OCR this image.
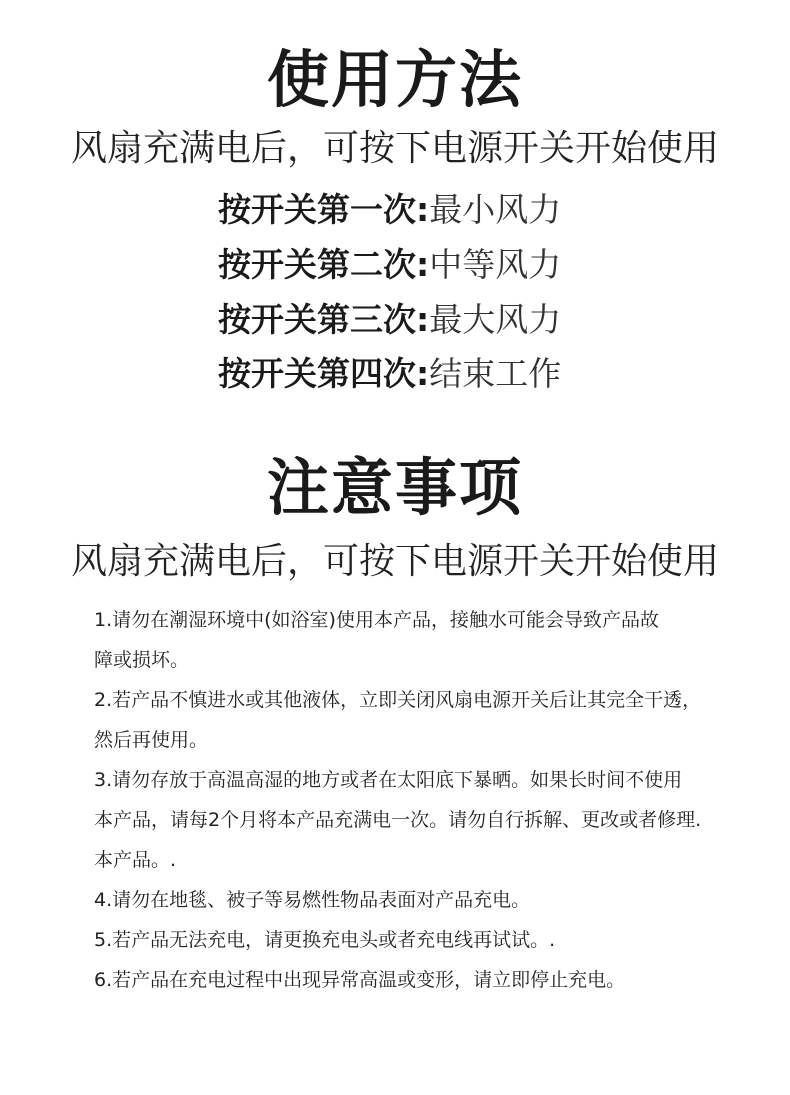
使用方法
风扇充满电后，可按下电源开关开始使用
按开关第一次:最小风力
按开关第二次:中等风力
按开关第三次:最大风力
按开关第四次:结束工作
注意事项
风扇充满电后，可按下电源开关开始使用
1.请勿在潮湿环境中(如浴室)使用本产品，接触水可能会导致产品故
障或损坏。
2.若产品不慎进水或其他液体，立即关闭风扇电源开关后让其完全干透，
然后再使用。
3.请勿存放于高温高湿的地方或者在太阳底下暴晒。如果长时间不使用
本产品，请每2个月将本产品充满电一次。请勿自行拆解、更改或者修理.
本产品。.
4.请勿在地毯、被子等易燃性物品表面对产品充电。
5.若产品无法充电，请更换充电头或者充电线再试试。.
6.若产品在充电过程中出现异常高温或变形，请立即停止充电。
